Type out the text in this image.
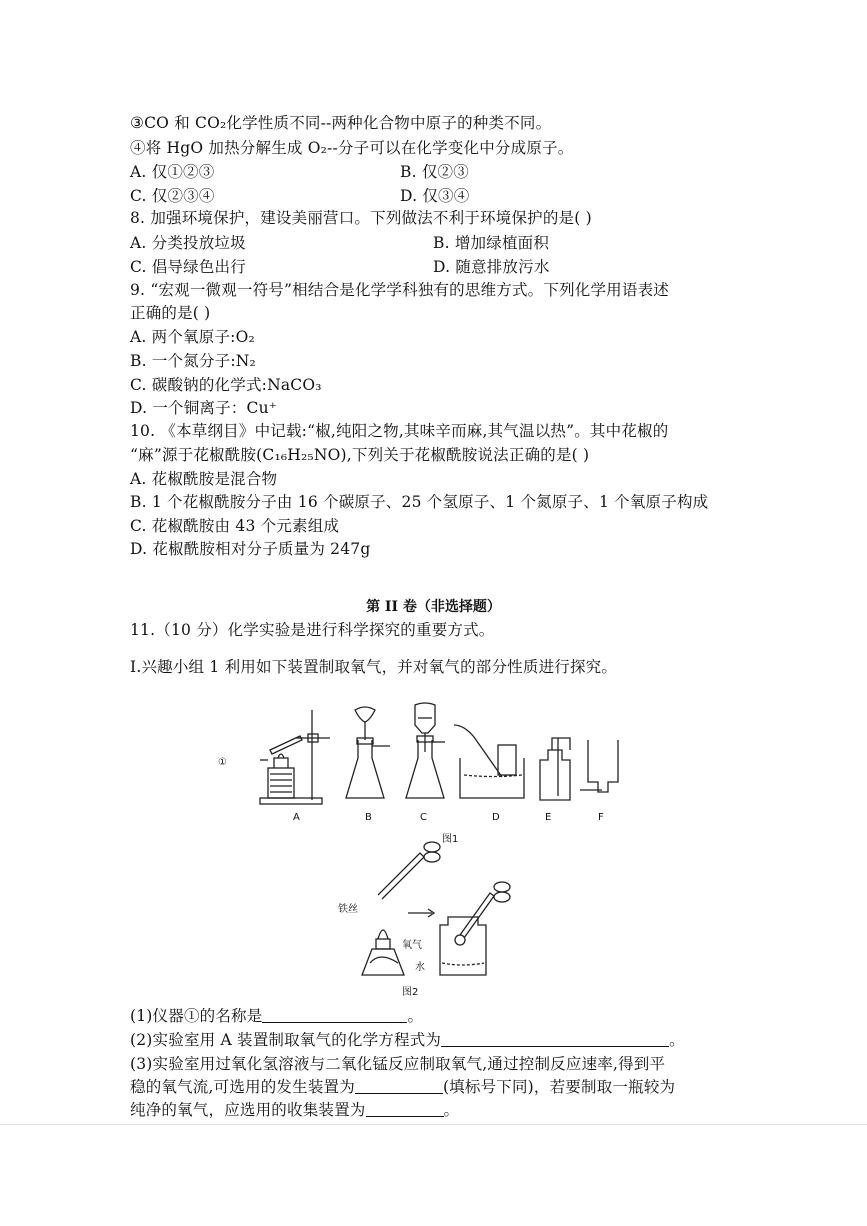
③CO 和 CO₂化学性质不同--两种化合物中原子的种类不同。
④将 HgO 加热分解生成 O₂--分子可以在化学变化中分成原子。
A. 仅①②③	B. 仅②③
C. 仅②③④	D. 仅③④
8. 加强环境保护，建设美丽营口。下列做法不利于环境保护的是( )
A. 分类投放垃圾	B. 增加绿植面积
C. 倡导绿色出行	D. 随意排放污水
9. “宏观一微观一符号”相结合是化学学科独有的思维方式。下列化学用语表述
正确的是( )
A. 两个氧原子:O₂
B. 一个氮分子:N₂
C. 碳酸钠的化学式:NaCO₃
D. 一个铜离子：Cu⁺
10. 《本草纲目》中记载:“椒,纯阳之物,其味辛而麻,其气温以热”。其中花椒的
“麻”源于花椒酰胺(C₁₆H₂₅NO),下列关于花椒酰胺说法正确的是( )
A. 花椒酰胺是混合物
B. 1 个花椒酰胺分子由 16 个碳原子、25 个氢原子、1 个氮原子、1 个氧原子构成
C. 花椒酰胺由 43 个元素组成
D. 花椒酰胺相对分子质量为 247g
第 II 卷（非选择题）
11.（10 分）化学实验是进行科学探究的重要方式。
Ⅰ.兴趣小组 1 利用如下装置制取氧气，并对氧气的部分性质进行探究。
①
A	B	C	D	E	F
图1
铁丝
氧气
水
图2
(1)仪器①的名称是	。
(2)实验室用 A 装置制取氧气的化学方程式为	。
(3)实验室用过氧化氢溶液与二氧化锰反应制取氧气,通过控制反应速率,得到平
稳的氧气流,可选用的发生装置为	(填标号下同)，若要制取一瓶较为
纯净的氧气，应选用的收集装置为	。
